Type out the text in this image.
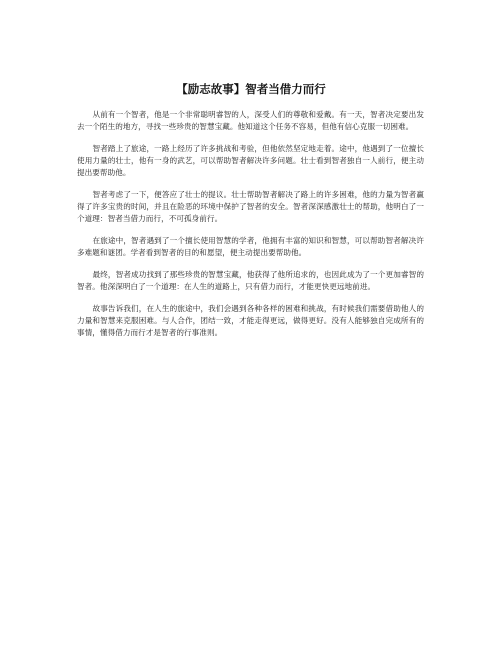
【励志故事】智者当借力而行

从前有一个智者，他是一个非常聪明睿智的人，深受人们的尊敬和爱戴。有一天，智者决定要出发去一个陌生的地方，寻找一些珍贵的智慧宝藏。他知道这个任务不容易，但他有信心克服一切困难。

智者踏上了旅途，一路上经历了许多挑战和考验，但他依然坚定地走着。途中，他遇到了一位擅长使用力量的壮士，他有一身的武艺，可以帮助智者解决许多问题。壮士看到智者独自一人前行，便主动提出要帮助他。

智者考虑了一下，便答应了壮士的提议。壮士帮助智者解决了路上的许多困难，他的力量为智者赢得了许多宝贵的时间，并且在险恶的环境中保护了智者的安全。智者深深感激壮士的帮助，他明白了一个道理：智者当借力而行，不可孤身前行。

在旅途中，智者遇到了一个擅长使用智慧的学者，他拥有丰富的知识和智慧，可以帮助智者解决许多难题和谜团。学者看到智者的目的和愿望，便主动提出要帮助他。

最终，智者成功找到了那些珍贵的智慧宝藏，他获得了他所追求的，也因此成为了一个更加睿智的智者。他深深明白了一个道理：在人生的道路上，只有借力而行，才能更快更远地前进。

故事告诉我们，在人生的旅途中，我们会遇到各种各样的困难和挑战，有时候我们需要借助他人的力量和智慧来克服困难。与人合作，团结一致，才能走得更远，做得更好。没有人能够独自完成所有的事情，懂得借力而行才是智者的行事准则。
